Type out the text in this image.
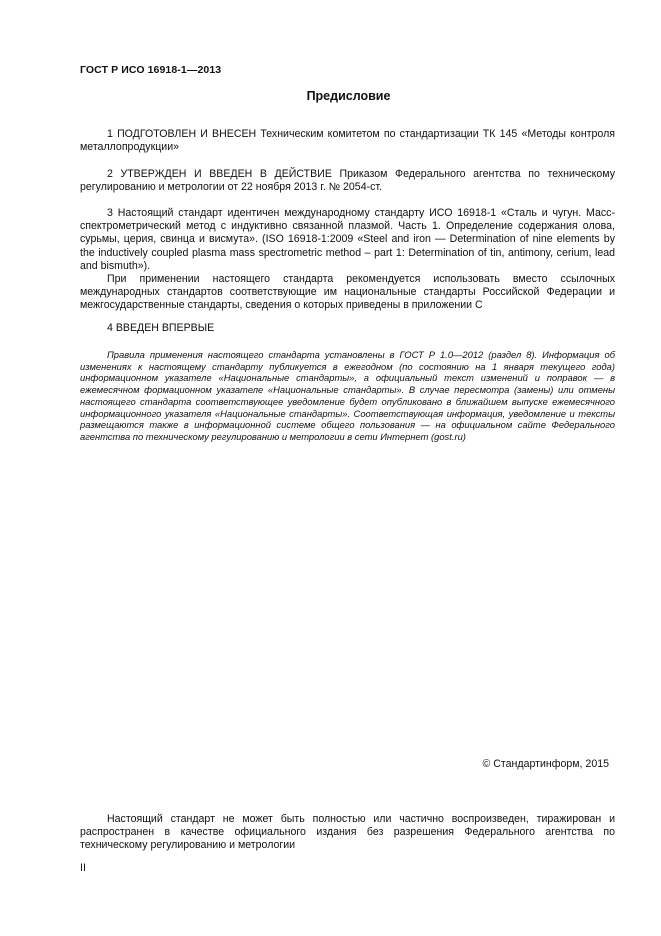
ГОСТ Р ИСО 16918-1—2013
Предисловие

1 ПОДГОТОВЛЕН И ВНЕСЕН Техническим комитетом по стандартизации ТК 145 «Методы контроля металлопродукции»

2 УТВЕРЖДЕН И ВВЕДЕН В ДЕЙСТВИЕ Приказом Федерального агентства по техническому регулированию и метрологии от 22 ноября 2013 г. № 2054-ст.

3 Настоящий стандарт идентичен международному стандарту ИСО 16918-1 «Сталь и чугун. Масс-спектрометрический метод с индуктивно связанной плазмой. Часть 1. Определение содержания олова, сурьмы, церия, свинца и висмута». (ISO 16918-1:2009 «Steel and iron — Determination of nine elements by the inductively coupled plasma mass spectrometric method – part 1: Determination of tin, antimony, cerium, lead and bismuth»).

При применении настоящего стандарта рекомендуется использовать вместо ссылочных международных стандартов соответствующие им национальные стандарты Российской Федерации и межгосударственные стандарты, сведения о которых приведены в приложении С

4 ВВЕДЕН ВПЕРВЫЕ

Правила применения настоящего стандарта установлены в ГОСТ Р 1.0—2012 (раздел 8). Информация об изменениях к настоящему стандарту публикуется в ежегодном (по состоянию на 1 января текущего года) информационном указателе «Национальные стандарты», а официальный текст изменений и поправок — в ежемесячном формационном указателе «Национальные стандарты». В случае пересмотра (замены) или отмены настоящего стандарта соответствующее уведомление будет опубликовано в ближайшем выпуске ежемесячного информационного указателя «Национальные стандарты». Соответствующая информация, уведомление и тексты размещаются также в информационной системе общего пользования — на официальном сайте Федерального агентства по техническому регулированию и метрологии в сети Интернет (gost.ru)

© Стандартинформ, 2015

Настоящий стандарт не может быть полностью или частично воспроизведен, тиражирован и распространен в качестве официального издания без разрешения Федерального агентства по техническому регулированию и метрологии

II
